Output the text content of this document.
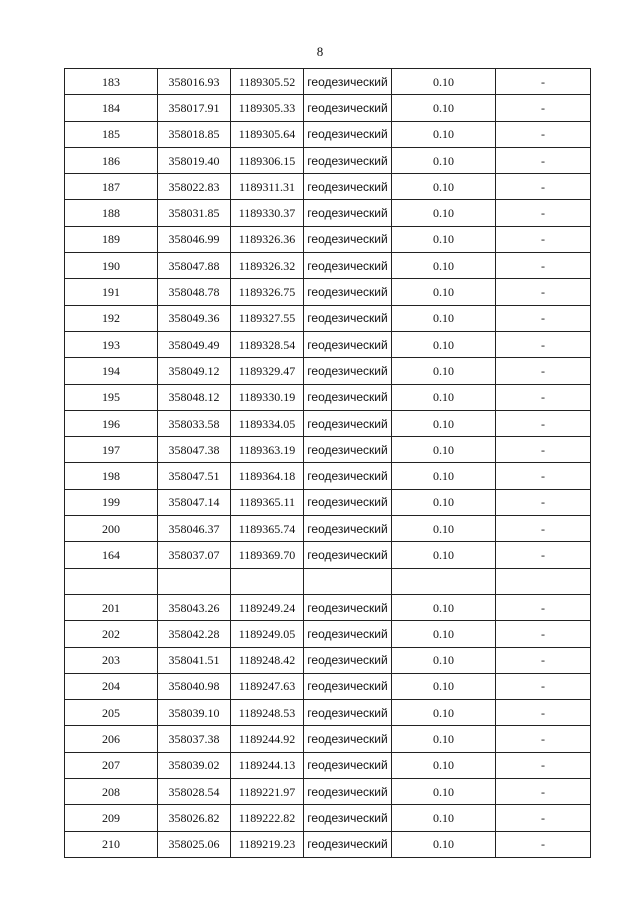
8
183	358016.93	1189305.52	геодезический	0.10	-
184	358017.91	1189305.33	геодезический	0.10	-
185	358018.85	1189305.64	геодезический	0.10	-
186	358019.40	1189306.15	геодезический	0.10	-
187	358022.83	1189311.31	геодезический	0.10	-
188	358031.85	1189330.37	геодезический	0.10	-
189	358046.99	1189326.36	геодезический	0.10	-
190	358047.88	1189326.32	геодезический	0.10	-
191	358048.78	1189326.75	геодезический	0.10	-
192	358049.36	1189327.55	геодезический	0.10	-
193	358049.49	1189328.54	геодезический	0.10	-
194	358049.12	1189329.47	геодезический	0.10	-
195	358048.12	1189330.19	геодезический	0.10	-
196	358033.58	1189334.05	геодезический	0.10	-
197	358047.38	1189363.19	геодезический	0.10	-
198	358047.51	1189364.18	геодезический	0.10	-
199	358047.14	1189365.11	геодезический	0.10	-
200	358046.37	1189365.74	геодезический	0.10	-
164	358037.07	1189369.70	геодезический	0.10	-

201	358043.26	1189249.24	геодезический	0.10	-
202	358042.28	1189249.05	геодезический	0.10	-
203	358041.51	1189248.42	геодезический	0.10	-
204	358040.98	1189247.63	геодезический	0.10	-
205	358039.10	1189248.53	геодезический	0.10	-
206	358037.38	1189244.92	геодезический	0.10	-
207	358039.02	1189244.13	геодезический	0.10	-
208	358028.54	1189221.97	геодезический	0.10	-
209	358026.82	1189222.82	геодезический	0.10	-
210	358025.06	1189219.23	геодезический	0.10	-
